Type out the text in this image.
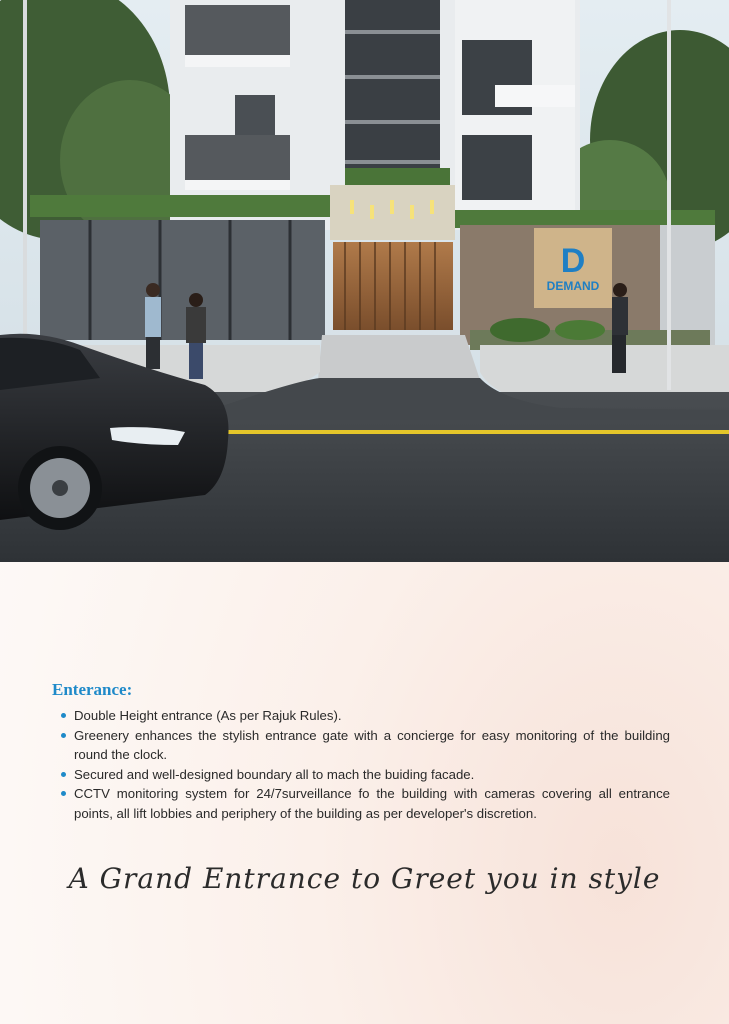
D
DEMAND
Enterance:
Double Height entrance (As per Rajuk Rules).
Greenery enhances the stylish entrance gate with a concierge for easy monitoring of the building round the clock.
Secured and well-designed boundary all to mach the buiding facade.
CCTV monitoring system for 24/7surveillance fo the building with cameras covering all entrance points, all lift lobbies and periphery of the building as per developer's discretion.
A Grand Entrance to Greet you in style
